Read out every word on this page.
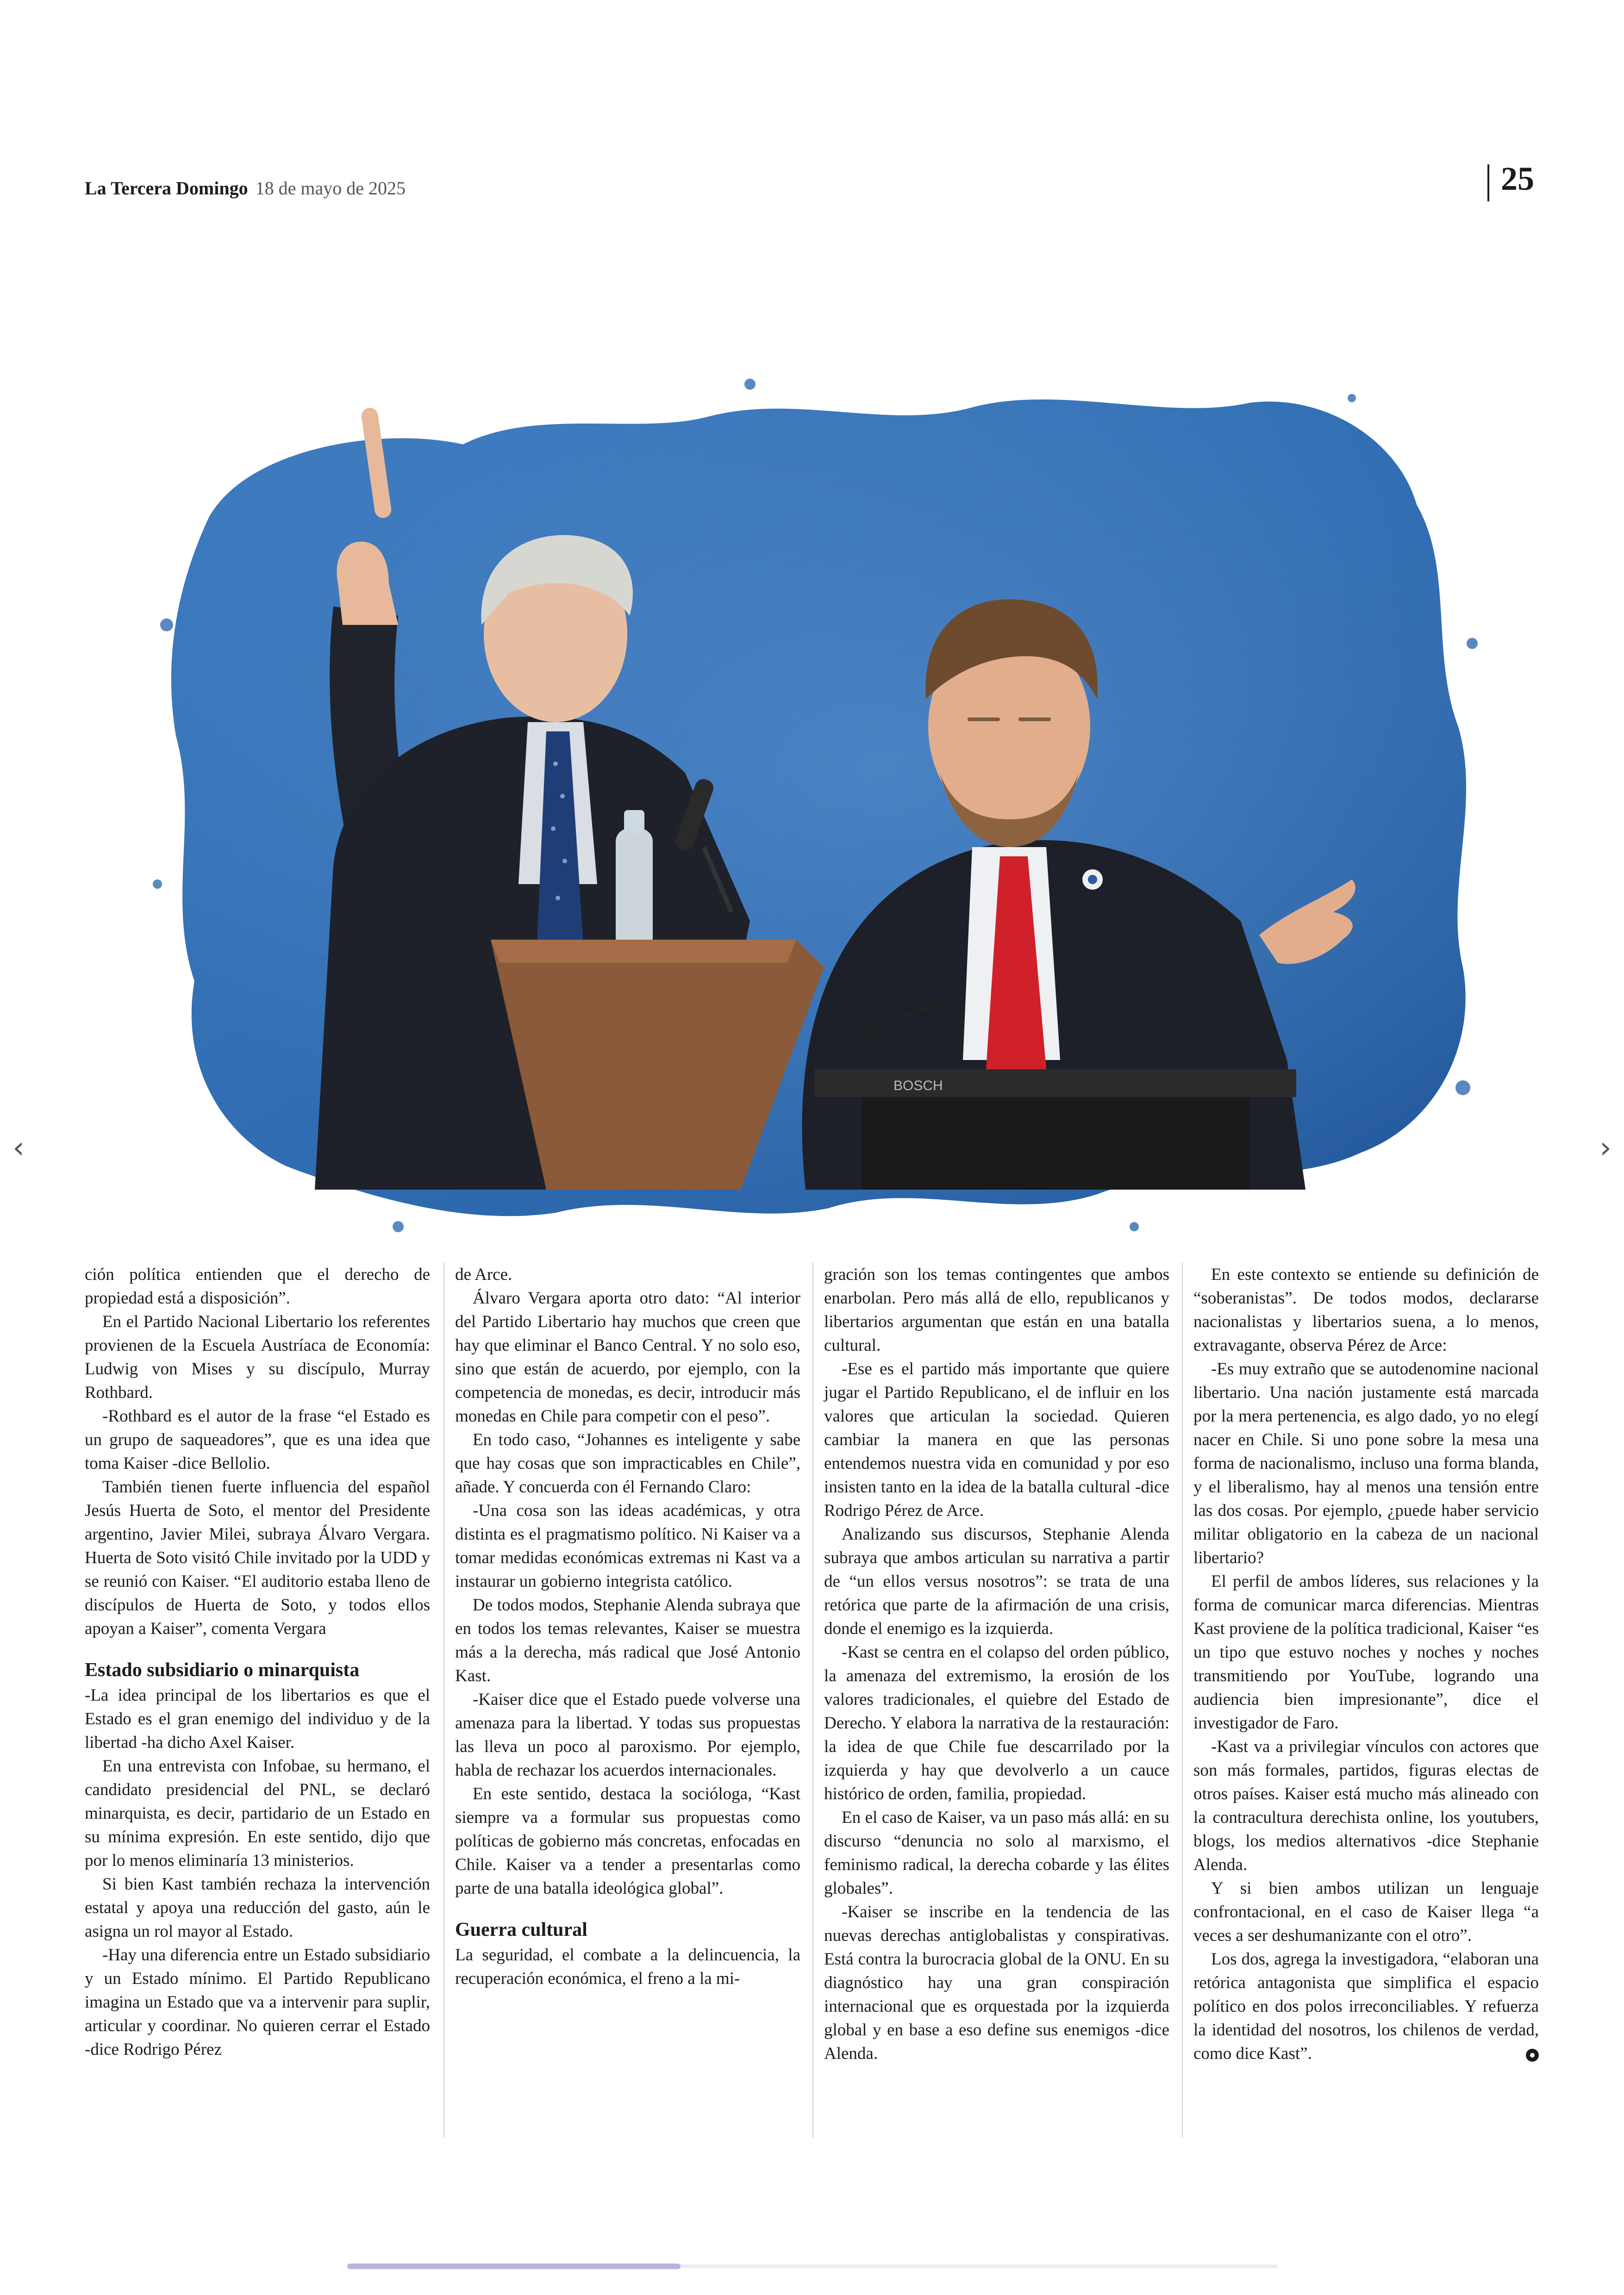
La Tercera Domingo 18 de mayo de 2025	25
BOSCH
‹	›

ción política entienden que el derecho de propiedad está a disposición”.

En el Partido Nacional Libertario los referentes provienen de la Escuela Austríaca de Economía: Ludwig von Mises y su discípulo, Murray Rothbard.

-Rothbard es el autor de la frase “el Estado es un grupo de saqueadores”, que es una idea que toma Kaiser -dice Bellolio.

También tienen fuerte influencia del español Jesús Huerta de Soto, el mentor del Presidente argentino, Javier Milei, subraya Álvaro Vergara. Huerta de Soto visitó Chile invitado por la UDD y se reunió con Kaiser. “El auditorio estaba lleno de discípulos de Huerta de Soto, y todos ellos apoyan a Kaiser”, comenta Vergara

Estado subsidiario o minarquista

-La idea principal de los libertarios es que el Estado es el gran enemigo del individuo y de la libertad -ha dicho Axel Kaiser.

En una entrevista con Infobae, su hermano, el candidato presidencial del PNL, se declaró minarquista, es decir, partidario de un Estado en su mínima expresión. En este sentido, dijo que por lo menos eliminaría 13 ministerios.

Si bien Kast también rechaza la intervención estatal y apoya una reducción del gasto, aún le asigna un rol mayor al Estado.

-Hay una diferencia entre un Estado subsidiario y un Estado mínimo. El Partido Republicano imagina un Estado que va a intervenir para suplir, articular y coordinar. No quieren cerrar el Estado -dice Rodrigo Pérez

de Arce.

Álvaro Vergara aporta otro dato: “Al interior del Partido Libertario hay muchos que creen que hay que eliminar el Banco Central. Y no solo eso, sino que están de acuerdo, por ejemplo, con la competencia de monedas, es decir, introducir más monedas en Chile para competir con el peso”.

En todo caso, “Johannes es inteligente y sabe que hay cosas que son impracticables en Chile”, añade. Y concuerda con él Fernando Claro:

-Una cosa son las ideas académicas, y otra distinta es el pragmatismo político. Ni Kaiser va a tomar medidas económicas extremas ni Kast va a instaurar un gobierno integrista católico.

De todos modos, Stephanie Alenda subraya que en todos los temas relevantes, Kaiser se muestra más a la derecha, más radical que José Antonio Kast.

-Kaiser dice que el Estado puede volverse una amenaza para la libertad. Y todas sus propuestas las lleva un poco al paroxismo. Por ejemplo, habla de rechazar los acuerdos internacionales.

En este sentido, destaca la socióloga, “Kast siempre va a formular sus propuestas como políticas de gobierno más concretas, enfocadas en Chile. Kaiser va a tender a presentarlas como parte de una batalla ideológica global”.

Guerra cultural

La seguridad, el combate a la delincuencia, la recuperación económica, el freno a la mi-

gración son los temas contingentes que ambos enarbolan. Pero más allá de ello, republicanos y libertarios argumentan que están en una batalla cultural.

-Ese es el partido más importante que quiere jugar el Partido Republicano, el de influir en los valores que articulan la sociedad. Quieren cambiar la manera en que las personas entendemos nuestra vida en comunidad y por eso insisten tanto en la idea de la batalla cultural -dice Rodrigo Pérez de Arce.

Analizando sus discursos, Stephanie Alenda subraya que ambos articulan su narrativa a partir de “un ellos versus nosotros”: se trata de una retórica que parte de la afirmación de una crisis, donde el enemigo es la izquierda.

-Kast se centra en el colapso del orden público, la amenaza del extremismo, la erosión de los valores tradicionales, el quiebre del Estado de Derecho. Y elabora la narrativa de la restauración: la idea de que Chile fue descarrilado por la izquierda y hay que devolverlo a un cauce histórico de orden, familia, propiedad.

En el caso de Kaiser, va un paso más allá: en su discurso “denuncia no solo al marxismo, el feminismo radical, la derecha cobarde y las élites globales”.

-Kaiser se inscribe en la tendencia de las nuevas derechas antiglobalistas y conspirativas. Está contra la burocracia global de la ONU. En su diagnóstico hay una gran conspiración internacional que es orquestada por la izquierda global y en base a eso define sus enemigos -dice Alenda.

En este contexto se entiende su definición de “soberanistas”. De todos modos, declararse nacionalistas y libertarios suena, a lo menos, extravagante, observa Pérez de Arce:

-Es muy extraño que se autodenomine nacional libertario. Una nación justamente está marcada por la mera pertenencia, es algo dado, yo no elegí nacer en Chile. Si uno pone sobre la mesa una forma de nacionalismo, incluso una forma blanda, y el liberalismo, hay al menos una tensión entre las dos cosas. Por ejemplo, ¿puede haber servicio militar obligatorio en la cabeza de un nacional libertario?

El perfil de ambos líderes, sus relaciones y la forma de comunicar marca diferencias. Mientras Kast proviene de la política tradicional, Kaiser “es un tipo que estuvo noches y noches y noches transmitiendo por YouTube, logrando una audiencia bien impresionante”, dice el investigador de Faro.

-Kast va a privilegiar vínculos con actores que son más formales, partidos, figuras electas de otros países. Kaiser está mucho más alineado con la contracultura derechista online, los youtubers, blogs, los medios alternativos -dice Stephanie Alenda.

Y si bien ambos utilizan un lenguaje confrontacional, en el caso de Kaiser llega “a veces a ser deshumanizante con el otro”.

Los dos, agrega la investigadora, “elaboran una retórica antagonista que simplifica el espacio político en dos polos irreconciliables. Y refuerza la identidad del nosotros, los chilenos de verdad, como dice Kast”.
